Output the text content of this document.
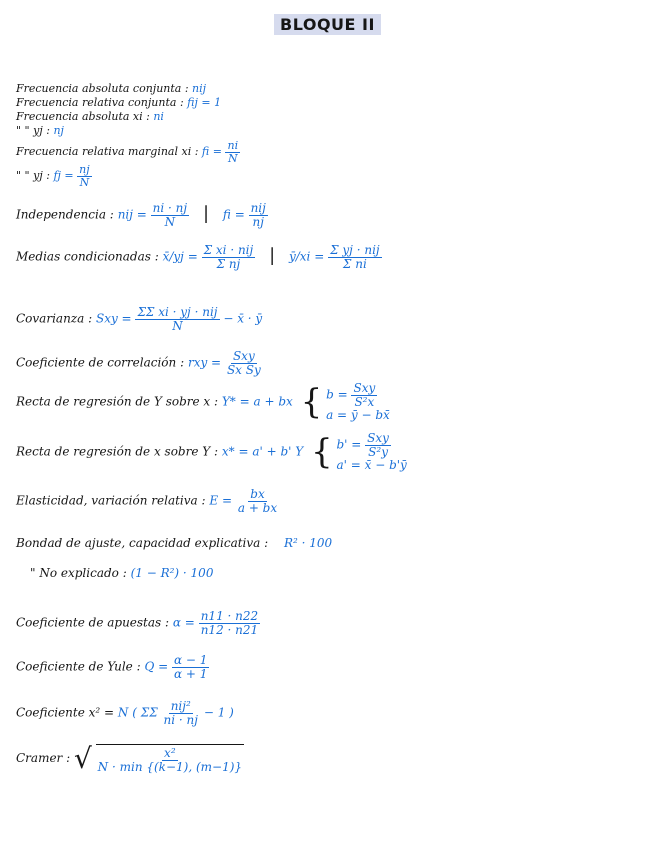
BLOQUE II
Frecuencia absoluta conjunta : nij
Frecuencia relativa conjunta : fij = 1
Frecuencia absoluta xi : ni
" " yj : nj
Frecuencia relativa marginal xi : fi = $\frac{ni}{N}$
" " yj : fj = $\frac{nj}{N}$
Independencia : nij = $\frac{ni \cdot nj}{N}$ | fi = $\frac{\text{nij}}{nj}$
Medias condicionadas : x̄/yj = $\frac{\text{Σ xi · nij}}{\text{Σ nj}}$ | ȳ/xi = $\frac{\text{Σ yj · nij}}{\text{Σ ni}}$
Covarianza : Sxy = $\frac{\text{ΣΣ xi · yj · nij}}{N}$ − x̄ · ȳ
Coeficiente de correlación : rxy = $\frac{\text{Sxy}}{\text{Sx Sy}}$
Recta de regresión de Y sobre x : Y* = a + bx { $b = \frac{\text{Sxy}}{\text{S²x}}$
a = ȳ − bx̄
Recta de regresión de x sobre Y : x* = a' + b' Y { $b' = \frac{\text{Sxy}}{\text{S²y}}$
a' = x̄ − b'ȳ
Elasticidad, variación relativa : $E = \frac{bx}{a + bx}$
Bondad de ajuste, capacidad explicativa : R² · 100
" No explicado : (1 − R²) · 100
Coeficiente de apuestas : $\alpha = \frac{n11 \cdot n22}{n12 \cdot n21}$
Coeficiente de Yule : $Q = \frac{\alpha - 1}{\alpha + 1}$
Coeficiente x² = N ( ΣΣ $\frac{\text{nij²}}{ni \cdot nj} - 1$ )
Cramer : √ $\frac{\text{x²}}{N \cdot \min \{(k-1), (m-1)\}}$
